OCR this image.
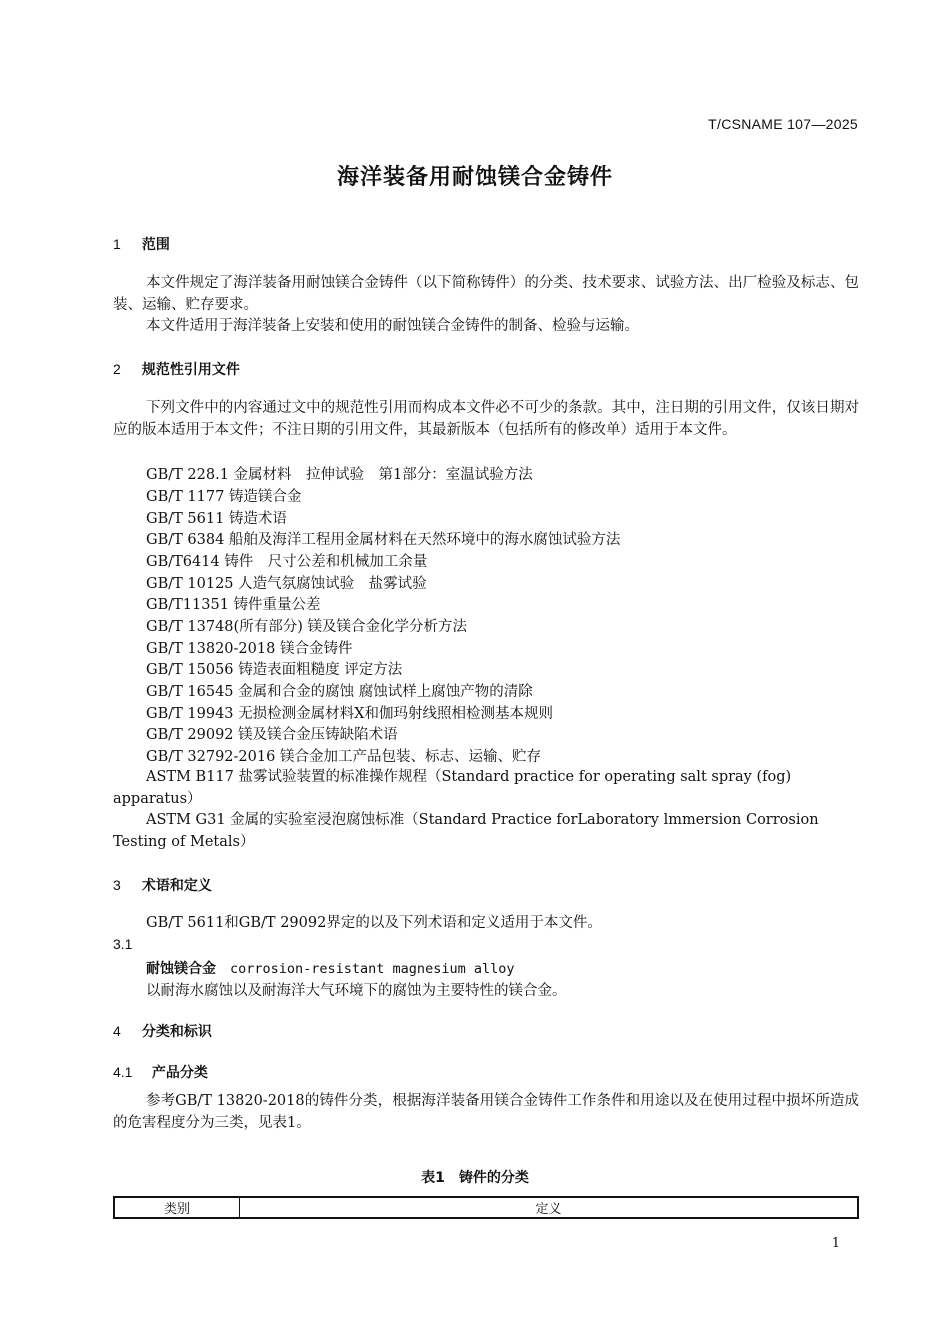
T/CSNAME 107—2025
海洋装备用耐蚀镁合金铸件
1 范围
本文件规定了海洋装备用耐蚀镁合金铸件（以下简称铸件）的分类、技术要求、试验方法、出厂检验及标志、包装、运输、贮存要求。
本文件适用于海洋装备上安装和使用的耐蚀镁合金铸件的制备、检验与运输。
2 规范性引用文件
下列文件中的内容通过文中的规范性引用而构成本文件必不可少的条款。其中，注日期的引用文件，仅该日期对应的版本适用于本文件；不注日期的引用文件，其最新版本（包括所有的修改单）适用于本文件。
GB/T 228.1 金属材料　拉伸试验　第1部分：室温试验方法
GB/T 1177 铸造镁合金
GB/T 5611 铸造术语
GB/T 6384 船舶及海洋工程用金属材料在天然环境中的海水腐蚀试验方法
GB/T6414 铸件　尺寸公差和机械加工余量
GB/T 10125 人造气氛腐蚀试验　盐雾试验
GB/T11351 铸件重量公差
GB/T 13748(所有部分) 镁及镁合金化学分析方法
GB/T 13820-2018 镁合金铸件
GB/T 15056 铸造表面粗糙度 评定方法
GB/T 16545 金属和合金的腐蚀 腐蚀试样上腐蚀产物的清除
GB/T 19943 无损检测金属材料X和伽玛射线照相检测基本规则
GB/T 29092 镁及镁合金压铸缺陷术语
GB/T 32792-2016 镁合金加工产品包装、标志、运输、贮存
ASTM B117 盐雾试验装置的标准操作规程（Standard practice for operating salt spray (fog) apparatus）
ASTM G31 金属的实验室浸泡腐蚀标准（Standard Practice forLaboratory lmmersion Corrosion Testing of Metals）
3 术语和定义
GB/T 5611和GB/T 29092界定的以及下列术语和定义适用于本文件。
3.1
耐蚀镁合金 corrosion-resistant magnesium alloy
以耐海水腐蚀以及耐海洋大气环境下的腐蚀为主要特性的镁合金。
4 分类和标识
4.1 产品分类
参考GB/T 13820-2018的铸件分类，根据海洋装备用镁合金铸件工作条件和用途以及在使用过程中损坏所造成的危害程度分为三类，见表1。
表1　铸件的分类
类别	定义
1
